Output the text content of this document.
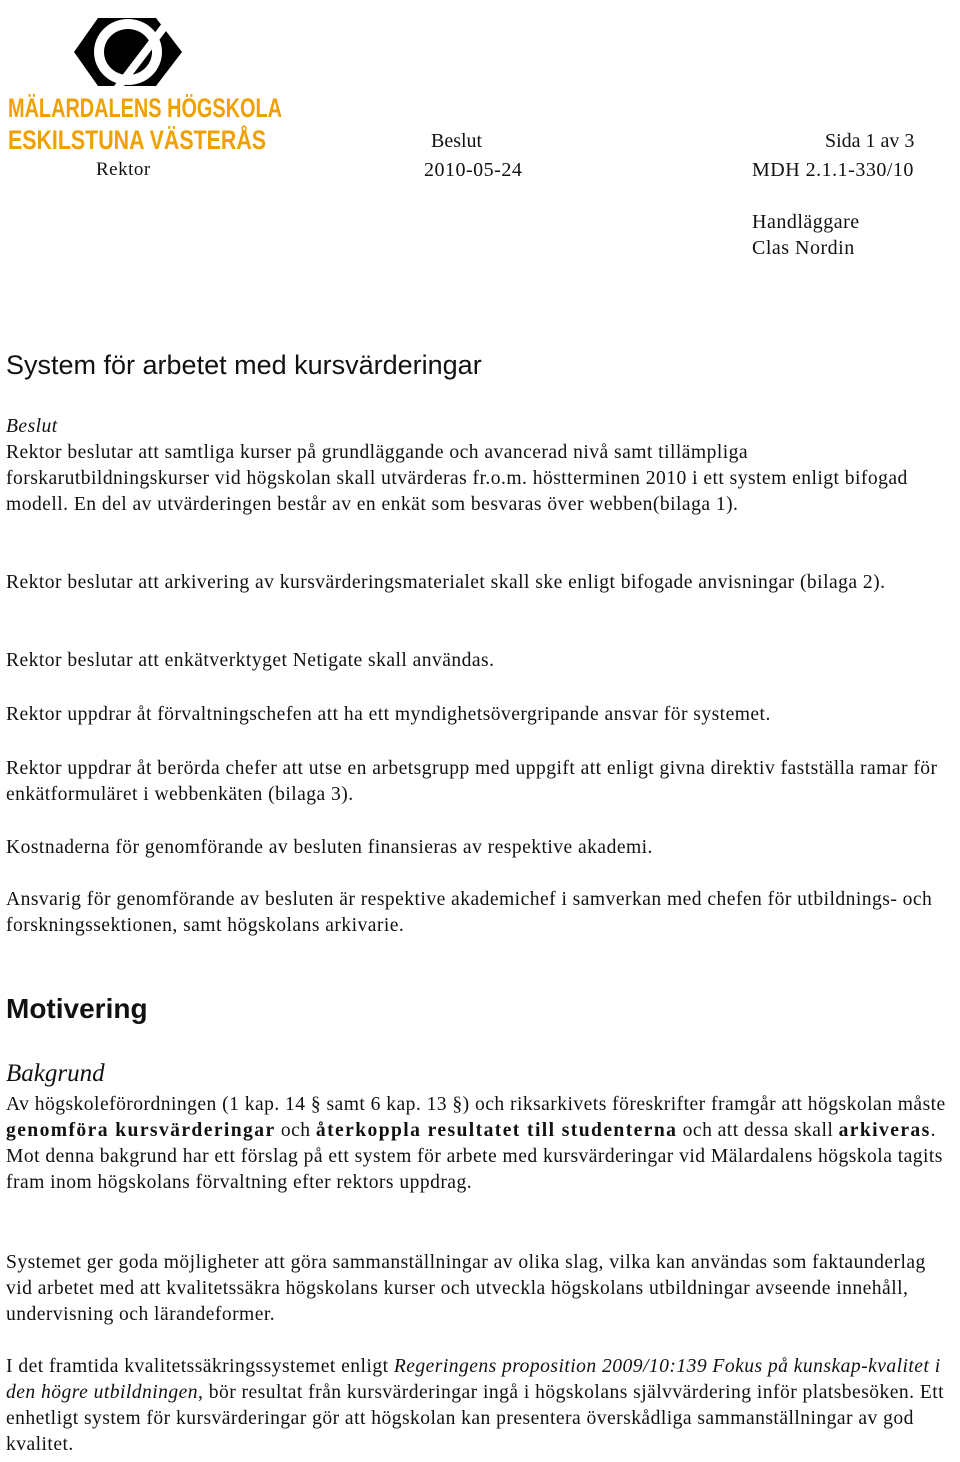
MÄLARDALENS HÖGSKOLA
ESKILSTUNA VÄSTERÅS	Beslut	Sida 1 av 3
Rektor	2010-05-24	MDH 2.1.1-330/10
Handläggare
Clas Nordin
System för arbetet med kursvärderingar
Beslut

Rektor beslutar att samtliga kurser på grundläggande och avancerad nivå samt tillämpliga forskarutbildningskurser vid högskolan skall utvärderas fr.o.m. höstterminen 2010 i ett system enligt bifogad modell. En del av utvärderingen består av en enkät som besvaras över webben(bilaga 1).

Rektor beslutar att arkivering av kursvärderingsmaterialet skall ske enligt bifogade anvisningar (bilaga 2).

Rektor beslutar att enkätverktyget Netigate skall användas.

Rektor uppdrar åt förvaltningschefen att ha ett myndighetsövergripande ansvar för systemet.

Rektor uppdrar åt berörda chefer att utse en arbetsgrupp med uppgift att enligt givna direktiv fastställa ramar för enkätformuläret i webbenkäten (bilaga 3).

Kostnaderna för genomförande av besluten finansieras av respektive akademi.

Ansvarig för genomförande av besluten är respektive akademichef i samverkan med chefen för utbildnings- och forskningssektionen, samt högskolans arkivarie.

Motivering
Bakgrund

Av högskoleförordningen (1 kap. 14 § samt 6 kap. 13 §) och riksarkivets föreskrifter framgår att högskolan måste genomföra kursvärderingar och återkoppla resultatet till studenterna och att dessa skall arkiveras. Mot denna bakgrund har ett förslag på ett system för arbete med kursvärderingar vid Mälardalens högskola tagits fram inom högskolans förvaltning efter rektors uppdrag.

Systemet ger goda möjligheter att göra sammanställningar av olika slag, vilka kan användas som faktaunderlag vid arbetet med att kvalitetssäkra högskolans kurser och utveckla högskolans utbildningar avseende innehåll, undervisning och lärandeformer.

I det framtida kvalitetssäkringssystemet enligt Regeringens proposition 2009/10:139 Fokus på kunskap-kvalitet i den högre utbildningen, bör resultat från kursvärderingar ingå i högskolans självvärdering inför platsbesöken. Ett enhetligt system för kursvärderingar gör att högskolan kan presentera överskådliga sammanställningar av god kvalitet.
